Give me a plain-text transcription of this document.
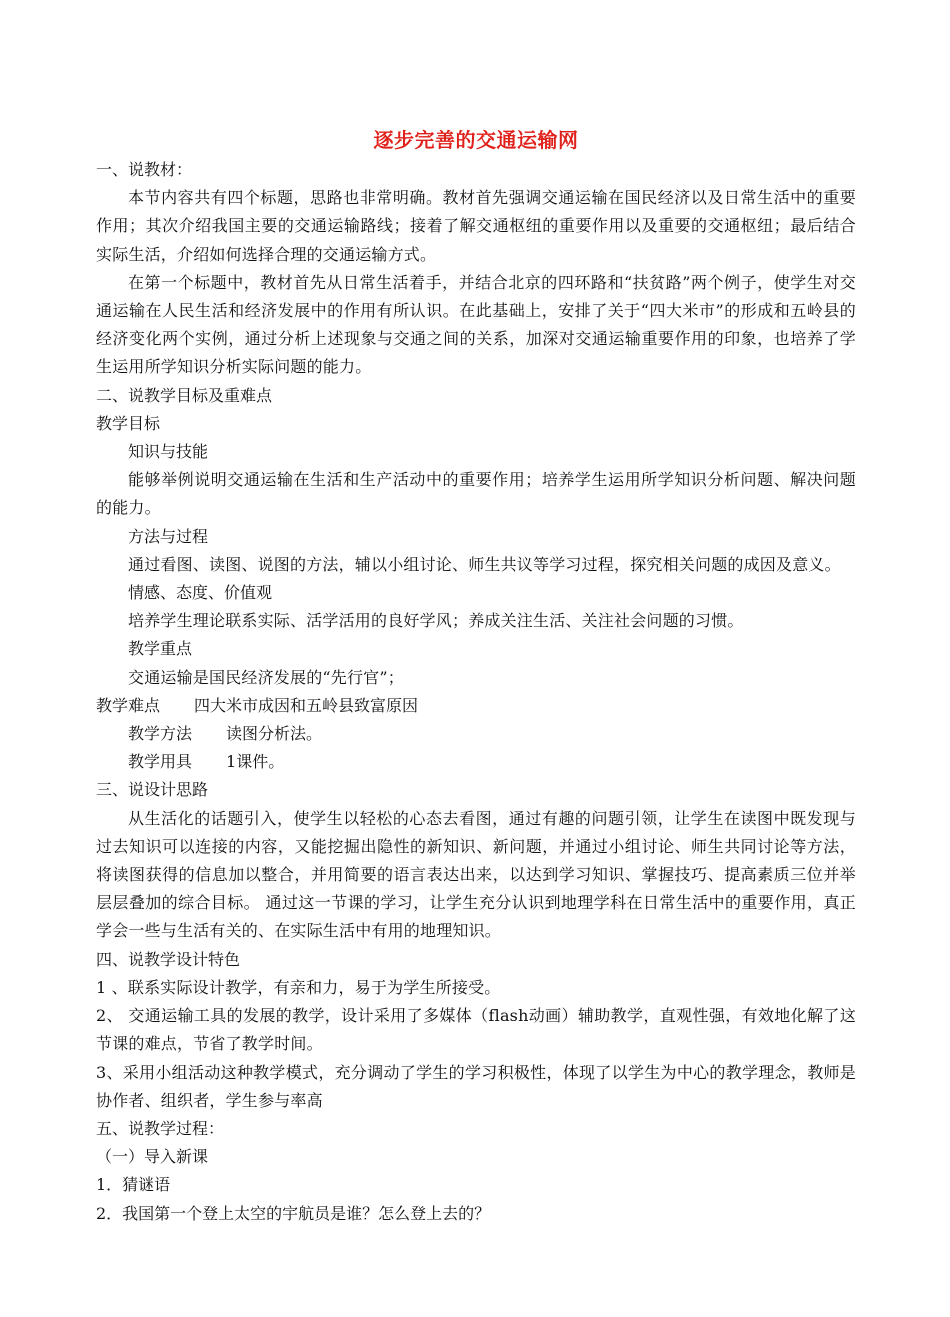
逐步完善的交通运输网
一、说教材：
本节内容共有四个标题，思路也非常明确。教材首先强调交通运输在国民经济以及日常生活中的重要作用；其次介绍我国主要的交通运输路线；接着了解交通枢纽的重要作用以及重要的交通枢纽；最后结合实际生活，介绍如何选择合理的交通运输方式。
在第一个标题中，教材首先从日常生活着手，并结合北京的四环路和“扶贫路”两个例子，使学生对交通运输在人民生活和经济发展中的作用有所认识。在此基础上，安排了关于“四大米市”的形成和五岭县的经济变化两个实例，通过分析上述现象与交通之间的关系，加深对交通运输重要作用的印象，也培养了学生运用所学知识分析实际问题的能力。
二、说教学目标及重难点
教学目标
知识与技能
能够举例说明交通运输在生活和生产活动中的重要作用；培养学生运用所学知识分析问题、解决问题的能力。
方法与过程
通过看图、读图、说图的方法，辅以小组讨论、师生共议等学习过程，探究相关问题的成因及意义。
情感、态度、价值观
培养学生理论联系实际、活学活用的良好学风；养成关注生活、关注社会问题的习惯。
教学重点
交通运输是国民经济发展的“先行官”；
教学难点 四大米市成因和五岭县致富原因
教学方法 读图分析法。
教学用具 1课件。
三、说设计思路
从生活化的话题引入，使学生以轻松的心态去看图，通过有趣的问题引领，让学生在读图中既发现与过去知识可以连接的内容，又能挖掘出隐性的新知识、新问题，并通过小组讨论、师生共同讨论等方法，将读图获得的信息加以整合，并用简要的语言表达出来，以达到学习知识、掌握技巧、提高素质三位并举层层叠加的综合目标。 通过这一节课的学习，让学生充分认识到地理学科在日常生活中的重要作用，真正学会一些与生活有关的、在实际生活中有用的地理知识。
四、说教学设计特色
1 、联系实际设计教学，有亲和力，易于为学生所接受。
2、 交通运输工具的发展的教学，设计采用了多媒体（flash动画）辅助教学，直观性强，有效地化解了这节课的难点，节省了教学时间。
3、采用小组活动这种教学模式，充分调动了学生的学习积极性，体现了以学生为中心的教学理念，教师是协作者、组织者，学生参与率高
五、说教学过程：
（一）导入新课
1．猜谜语
2．我国第一个登上太空的宇航员是谁？怎么登上去的？
